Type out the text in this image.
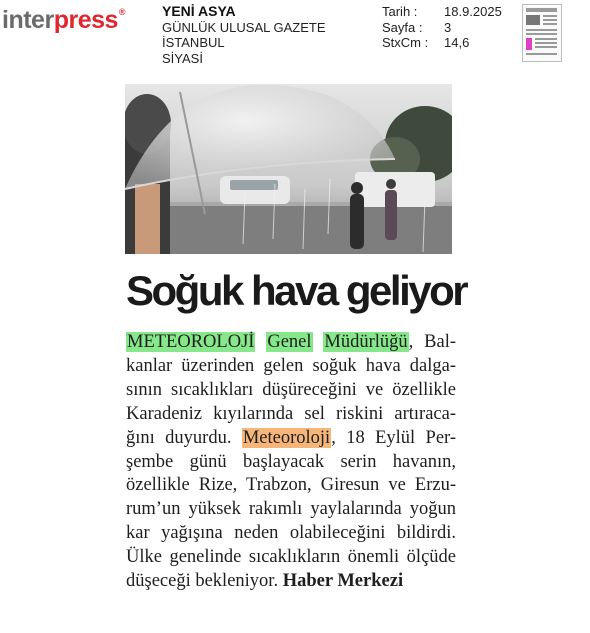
interpress®	YENİ ASYA
GÜNLÜK ULUSAL GAZETE
İSTANBUL
SİYASİ
Tarih :	18.9.2025
Sayfa :	3
StxCm :	14,6
Soğuk hava geliyor
METEOROLOJİ Genel Müdürlüğü, Bal-
kanlar üzerinden gelen soğuk hava dalga-
sının sıcaklıkları düşüreceğini ve özellikle
Karadeniz kıyılarında sel riskini artıraca-
ğını duyurdu. Meteoroloji, 18 Eylül Per-
şembe günü başlayacak serin havanın,
özellikle Rize, Trabzon, Giresun ve Erzu-
rum’un yüksek rakımlı yaylalarında yoğun
kar yağışına neden olabileceğini bildirdi.
Ülke genelinde sıcaklıkların önemli ölçüde
düşeceği bekleniyor. Haber Merkezi
